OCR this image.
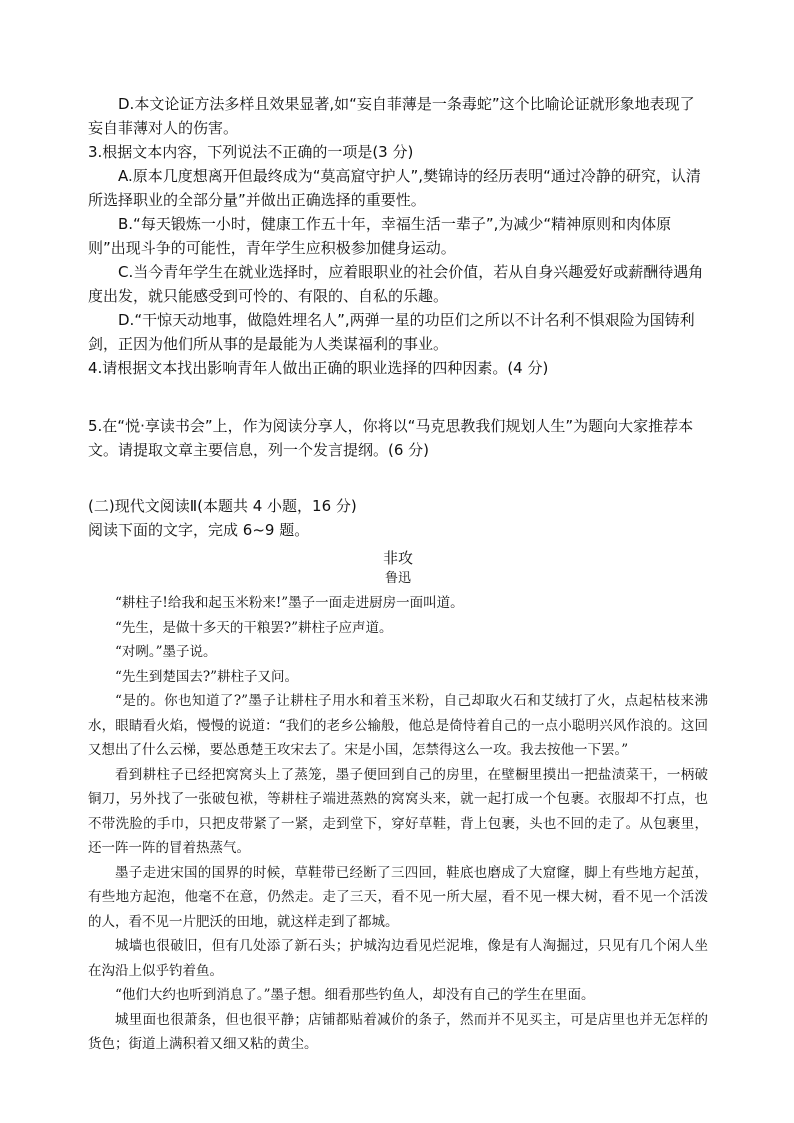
D.本文论证方法多样且效果显著,如“妄自菲薄是一条毒蛇”这个比喻论证就形象地表现了妄自菲薄对人的伤害。

3.根据文本内容，下列说法不正确的一项是(3 分)

A.原本几度想离开但最终成为“莫高窟守护人”,樊锦诗的经历表明“通过冷静的研究，认清所选择职业的全部分量”并做出正确选择的重要性。

B.“每天锻炼一小时，健康工作五十年，幸福生活一辈子”,为减少“精神原则和肉体原则”出现斗争的可能性，青年学生应积极参加健身运动。

C.当今青年学生在就业选择时，应着眼职业的社会价值，若从自身兴趣爱好或薪酬待遇角度出发，就只能感受到可怜的、有限的、自私的乐趣。

D.“干惊天动地事，做隐姓埋名人”,两弹一星的功臣们之所以不计名利不惧艰险为国铸利剑，正因为他们所从事的是最能为人类谋福利的事业。

4.请根据文本找出影响青年人做出正确的职业选择的四种因素。(4 分)

5.在“悦·享读书会”上，作为阅读分享人，你将以“马克思教我们规划人生”为题向大家推荐本文。请提取文章主要信息，列一个发言提纲。(6 分)

(二)现代文阅读Ⅱ(本题共 4 小题，16 分)

阅读下面的文字，完成 6~9 题。

非攻

鲁迅

“耕柱子!给我和起玉米粉来!”墨子一面走进厨房一面叫道。

“先生，是做十多天的干粮罢?”耕柱子应声道。

“对咧。”墨子说。

“先生到楚国去?”耕柱子又问。

“是的。你也知道了?”墨子让耕柱子用水和着玉米粉，自己却取火石和艾绒打了火，点起枯枝来沸水，眼睛看火焰，慢慢的说道：“我们的老乡公输般，他总是倚恃着自己的一点小聪明兴风作浪的。这回又想出了什么云梯，要怂恿楚王攻宋去了。宋是小国，怎禁得这么一攻。我去按他一下罢。”

看到耕柱子已经把窝窝头上了蒸笼，墨子便回到自己的房里，在壁橱里摸出一把盐渍菜干，一柄破铜刀，另外找了一张破包袱，等耕柱子端进蒸熟的窝窝头来，就一起打成一个包裹。衣服却不打点，也不带洗脸的手巾，只把皮带紧了一紧，走到堂下，穿好草鞋，背上包裹，头也不回的走了。从包裹里，还一阵一阵的冒着热蒸气。

墨子走进宋国的国界的时候，草鞋带已经断了三四回，鞋底也磨成了大窟窿，脚上有些地方起茧，有些地方起泡，他毫不在意，仍然走。走了三天，看不见一所大屋，看不见一棵大树，看不见一个活泼的人，看不见一片肥沃的田地，就这样走到了都城。

城墙也很破旧，但有几处添了新石头；护城沟边看见烂泥堆，像是有人淘掘过，只见有几个闲人坐在沟沿上似乎钓着鱼。

“他们大约也听到消息了。”墨子想。细看那些钓鱼人，却没有自己的学生在里面。

城里面也很萧条，但也很平静；店铺都贴着减价的条子，然而并不见买主，可是店里也并无怎样的货色；街道上满积着又细又粘的黄尘。
